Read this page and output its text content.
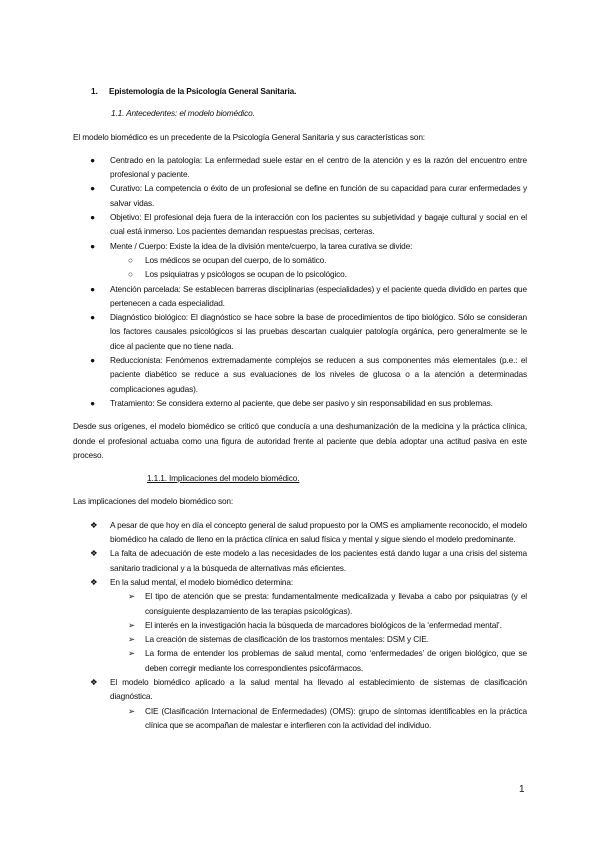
1. Epistemología de la Psicología General Sanitaria.

1.1. Antecedentes: el modelo biomédico.

El modelo biomédico es un precedente de la Psicología General Sanitaria y sus características son:

● Centrado en la patología: La enfermedad suele estar en el centro de la atención y es la razón del encuentro entre profesional y paciente.
● Curativo: La competencia o éxito de un profesional se define en función de su capacidad para curar enfermedades y salvar vidas.
● Objetivo: El profesional deja fuera de la interacción con los pacientes su subjetividad y bagaje cultural y social en el cual está inmerso. Los pacientes demandan respuestas precisas, certeras.
● Mente / Cuerpo: Existe la idea de la división mente/cuerpo, la tarea curativa se divide:
○ Los médicos se ocupan del cuerpo, de lo somático.
○ Los psiquiatras y psicólogos se ocupan de lo psicológico.
● Atención parcelada: Se establecen barreras disciplinarias (especialidades) y el paciente queda dividido en partes que pertenecen a cada especialidad.
● Diagnóstico biológico: El diagnóstico se hace sobre la base de procedimientos de tipo biológico. Sólo se consideran los factores causales psicológicos si las pruebas descartan cualquier patología orgánica, pero generalmente se le dice al paciente que no tiene nada.
● Reduccionista: Fenómenos extremadamente complejos se reducen a sus componentes más elementales (p.e.: el paciente diabético se reduce a sus evaluaciones de los niveles de glucosa o a la atención a determinadas complicaciones agudas).
● Tratamiento: Se considera externo al paciente, que debe ser pasivo y sin responsabilidad en sus problemas.

Desde sus orígenes, el modelo biomédico se criticó que conducía a una deshumanización de la medicina y la práctica clínica, donde el profesional actuaba como una figura de autoridad frente al paciente que debía adoptar una actitud pasiva en este proceso.

1.1.1. Implicaciones del modelo biomédico.

Las implicaciones del modelo biomédico son:

❖ A pesar de que hoy en día el concepto general de salud propuesto por la OMS es ampliamente reconocido, el modelo biomédico ha calado de lleno en la práctica clínica en salud física y mental y sigue siendo el modelo predominante.
❖ La falta de adecuación de este modelo a las necesidades de los pacientes está dando lugar a una crisis del sistema sanitario tradicional y a la búsqueda de alternativas más eficientes.
❖ En la salud mental, el modelo biomédico determina:
➢ El tipo de atención que se presta: fundamentalmente medicalizada y llevaba a cabo por psiquiatras (y el consiguiente desplazamiento de las terapias psicológicas).
➢ El interés en la investigación hacia la búsqueda de marcadores biológicos de la ‘enfermedad mental’.
➢ La creación de sistemas de clasificación de los trastornos mentales: DSM y CIE.
➢ La forma de entender los problemas de salud mental, como ‘enfermedades’ de origen biológico, que se deben corregir mediante los correspondientes psicofármacos.
❖ El modelo biomédico aplicado a la salud mental ha llevado al establecimiento de sistemas de clasificación diagnóstica.
➢ CIE (Clasificación Internacional de Enfermedades) (OMS): grupo de síntomas identificables en la práctica clínica que se acompañan de malestar e interfieren con la actividad del individuo.
1
